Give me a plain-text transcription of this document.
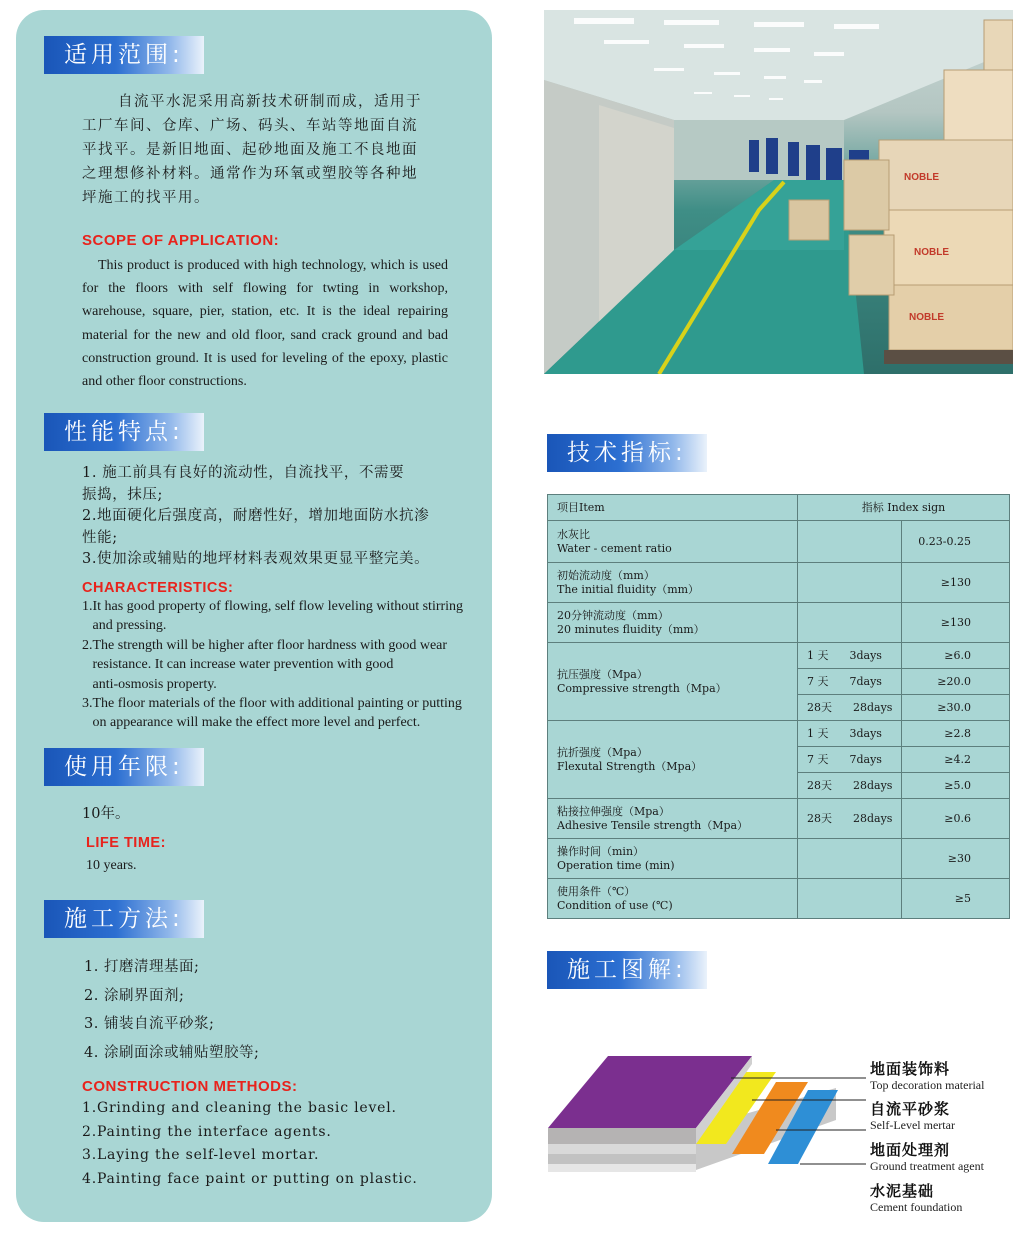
适用范围:
自流平水泥采用高新技术研制而成，适用于
工厂车间、仓库、广场、码头、车站等地面自流
平找平。是新旧地面、起砂地面及施工不良地面
之理想修补材料。通常作为环氧或塑胶等各种地
坪施工的找平用。
SCOPE OF APPLICATION:
This product is produced with high technology, which is used for the floors with self flowing for twting in workshop, warehouse, square, pier, station, etc. It is the ideal repairing material for the new and old floor, sand crack ground and bad construction ground. It is used for leveling of the epoxy, plastic and other floor constructions.
性能特点:
1. 施工前具有良好的流动性，自流找平，不需要
振捣，抹压;
2.地面硬化后强度高，耐磨性好，增加地面防水抗渗
性能;
3.使加涂或辅贴的地坪材料表观效果更显平整完美。
CHARACTERISTICS:
1.It has good property of flowing, self flow leveling without stirring
and pressing.
2.The strength will be higher after floor hardness with good wear
resistance. It can increase water prevention with good
anti-osmosis property.
3.The floor materials of the floor with additional painting or putting
on appearance will make the effect more level and perfect.
使用年限:
10年。
LIFE TIME:
10 years.
施工方法:
1. 打磨清理基面;
2. 涂刷界面剂;
3. 铺装自流平砂浆;
4. 涂刷面涂或辅贴塑胶等;
CONSTRUCTION METHODS:
1.Grinding and cleaning the basic level.
2.Painting the interface agents.
3.Laying the self-level mortar.
4.Painting face paint or putting on plastic.
NOBLE
NOBLE
NOBLE
技术指标:
项目Item	指标 Index sign	

水灰比
Water - cement ratio		0.23-0.25

初始流动度（mm）
The initial fluidity（mm）		≥130

20分钟流动度（mm）
20 minutes fluidity（mm）		≥130

抗压强度（Mpa）
Compressive strength（Mpa）	1 天      3days	≥6.0
	7 天      7days	≥20.0
	28天      28days	≥30.0

抗折强度（Mpa）
Flexutal Strength（Mpa）	1 天      3days	≥2.8
	7 天      7days	≥4.2
	28天      28days	≥5.0

粘接拉伸强度（Mpa）
Adhesive Tensile strength（Mpa）	28天      28days	≥0.6

操作时间（min）
Operation time (min)		≥30

使用条件（℃）
Condition of use (℃)		≥5
施工图解:
地面装饰料
Top decoration material
自流平砂浆
Self-Level mertar
地面处理剂
Ground treatment agent
水泥基础
Cement foundation
